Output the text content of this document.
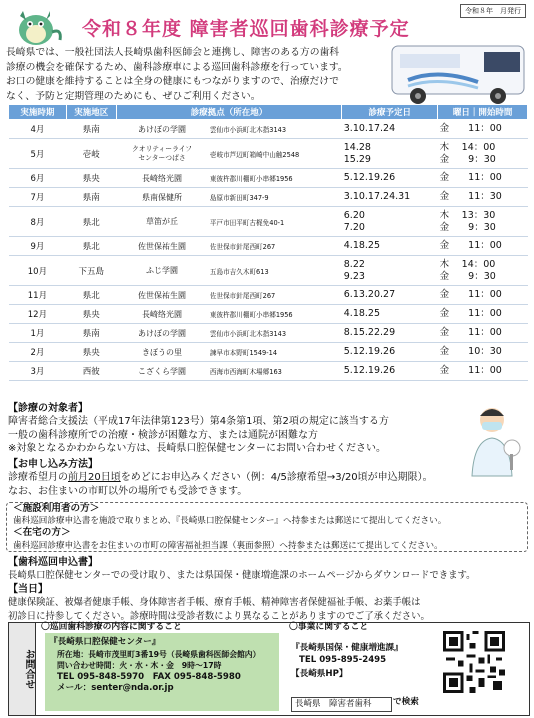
令和８年　月発行
令和８年度 障害者巡回歯科診療予定
長崎県では、一般社団法人長崎県歯科医師会と連携し、障害のある方の歯科
診療の機会を確保するため、歯科診療車による巡回歯科診療を行っています。
お口の健康を維持することは全身の健康にもつながりますので、治療だけで
なく、予防と定期管理のためにも、ぜひご利用ください。
実施時期	実施地区	診療拠点（所在地）		診療予定日	曜日｜開始時間
4月	県南	あけぼの学園	雲仙市小浜町北木指3143	3.10.17.24	金　　11：00
5月	壱岐	クオリティーライフ
センターつばさ	壱岐市芦辺町箱崎中山触2548	14.28
15.29	木　 14：00
金　　9：30
6月	県央	長崎络光園	東彼杵郡川棚町小串郷1956	5.12.19.26	金　　11：00
7月	県南	県南保健所	島原市新田町347-9	3.10.17.24.31	金　　11：30
8月	県北	草笛が丘	平戸市田平町古梶免40-1	6.20
7.20	木　 13：30
金　　9：30
9月	県北	佐世保祐生園	佐世保市針尾西町267	4.18.25	金　　11：00
10月	下五島	ふじ学園	五島市吉久木町613	8.22
9.23	木　 14：00
金　　9：30
11月	県北	佐世保祐生園	佐世保市針尾西町267	6.13.20.27	金　　11：00
12月	県央	長崎络光園	東彼杵郡川棚町小串郷1956	4.18.25	金　　11：00
1月	県南	あけぼの学園	雲仙市小浜町北木指3143	8.15.22.29	金　　11：00
2月	県央	きぼうの里	諫早市本野町1549-14	5.12.19.26	金　　10：30
3月	西彼	こざくら学園	西海市西海町木場郷163	5.12.19.26	金　　11：00
【診療の対象者】
障害者総合支援法（平成17年法律第123号）第4条第1項、第2項の規定に該当する方
一般の歯科診療所での治療・検診が困難な方、または通院が困難な方
※対象となるかわからない方は、長崎県口腔保健センターにお問い合わせください。
【お申し込み方法】
診療希望月の前月20日頃をめどにお申込みください（例：4/5診療希望→3/20頃が申込期限）。
なお、お住まいの市町以外の場所でも受診できます。
＜施設利用者の方＞
歯科巡回診療申込書を施設で取りまとめ、『長崎県口腔保健センター』へ持参または郵送にて提出してください。
＜在宅の方＞
歯科巡回診療申込書をお住まいの市町の障害福祉担当課（裏面参照）へ持参または郵送にて提出してください。
【歯科巡回申込書】
長崎県口腔保健センターでの受け取り、または県国保・健康増進課のホームページからダウンロードできます。
【当日】
健康保険証、被爆者健康手帳、身体障害者手帳、療育手帳、精神障害者保健福祉手帳、お薬手帳は
初診日に持参してください。診療時間は受診者数により異なることがありますのでご了承ください。
お問合せ
〇巡回歯科診療の内容に関すること
『長崎県口腔保健センター』
所在地：長崎市茂里町3番19号（長崎県歯科医師会館内）
問い合わせ時間：火・水・木・金　9時～17時
TEL 095-848-5970　FAX 095-848-5980
メール：senter@nda.or.jp
〇事業に関すること
『長崎県国保・健康増進課』
TEL 095-895-2495
【長崎県HP】
長崎県　障害者歯科	で検索
